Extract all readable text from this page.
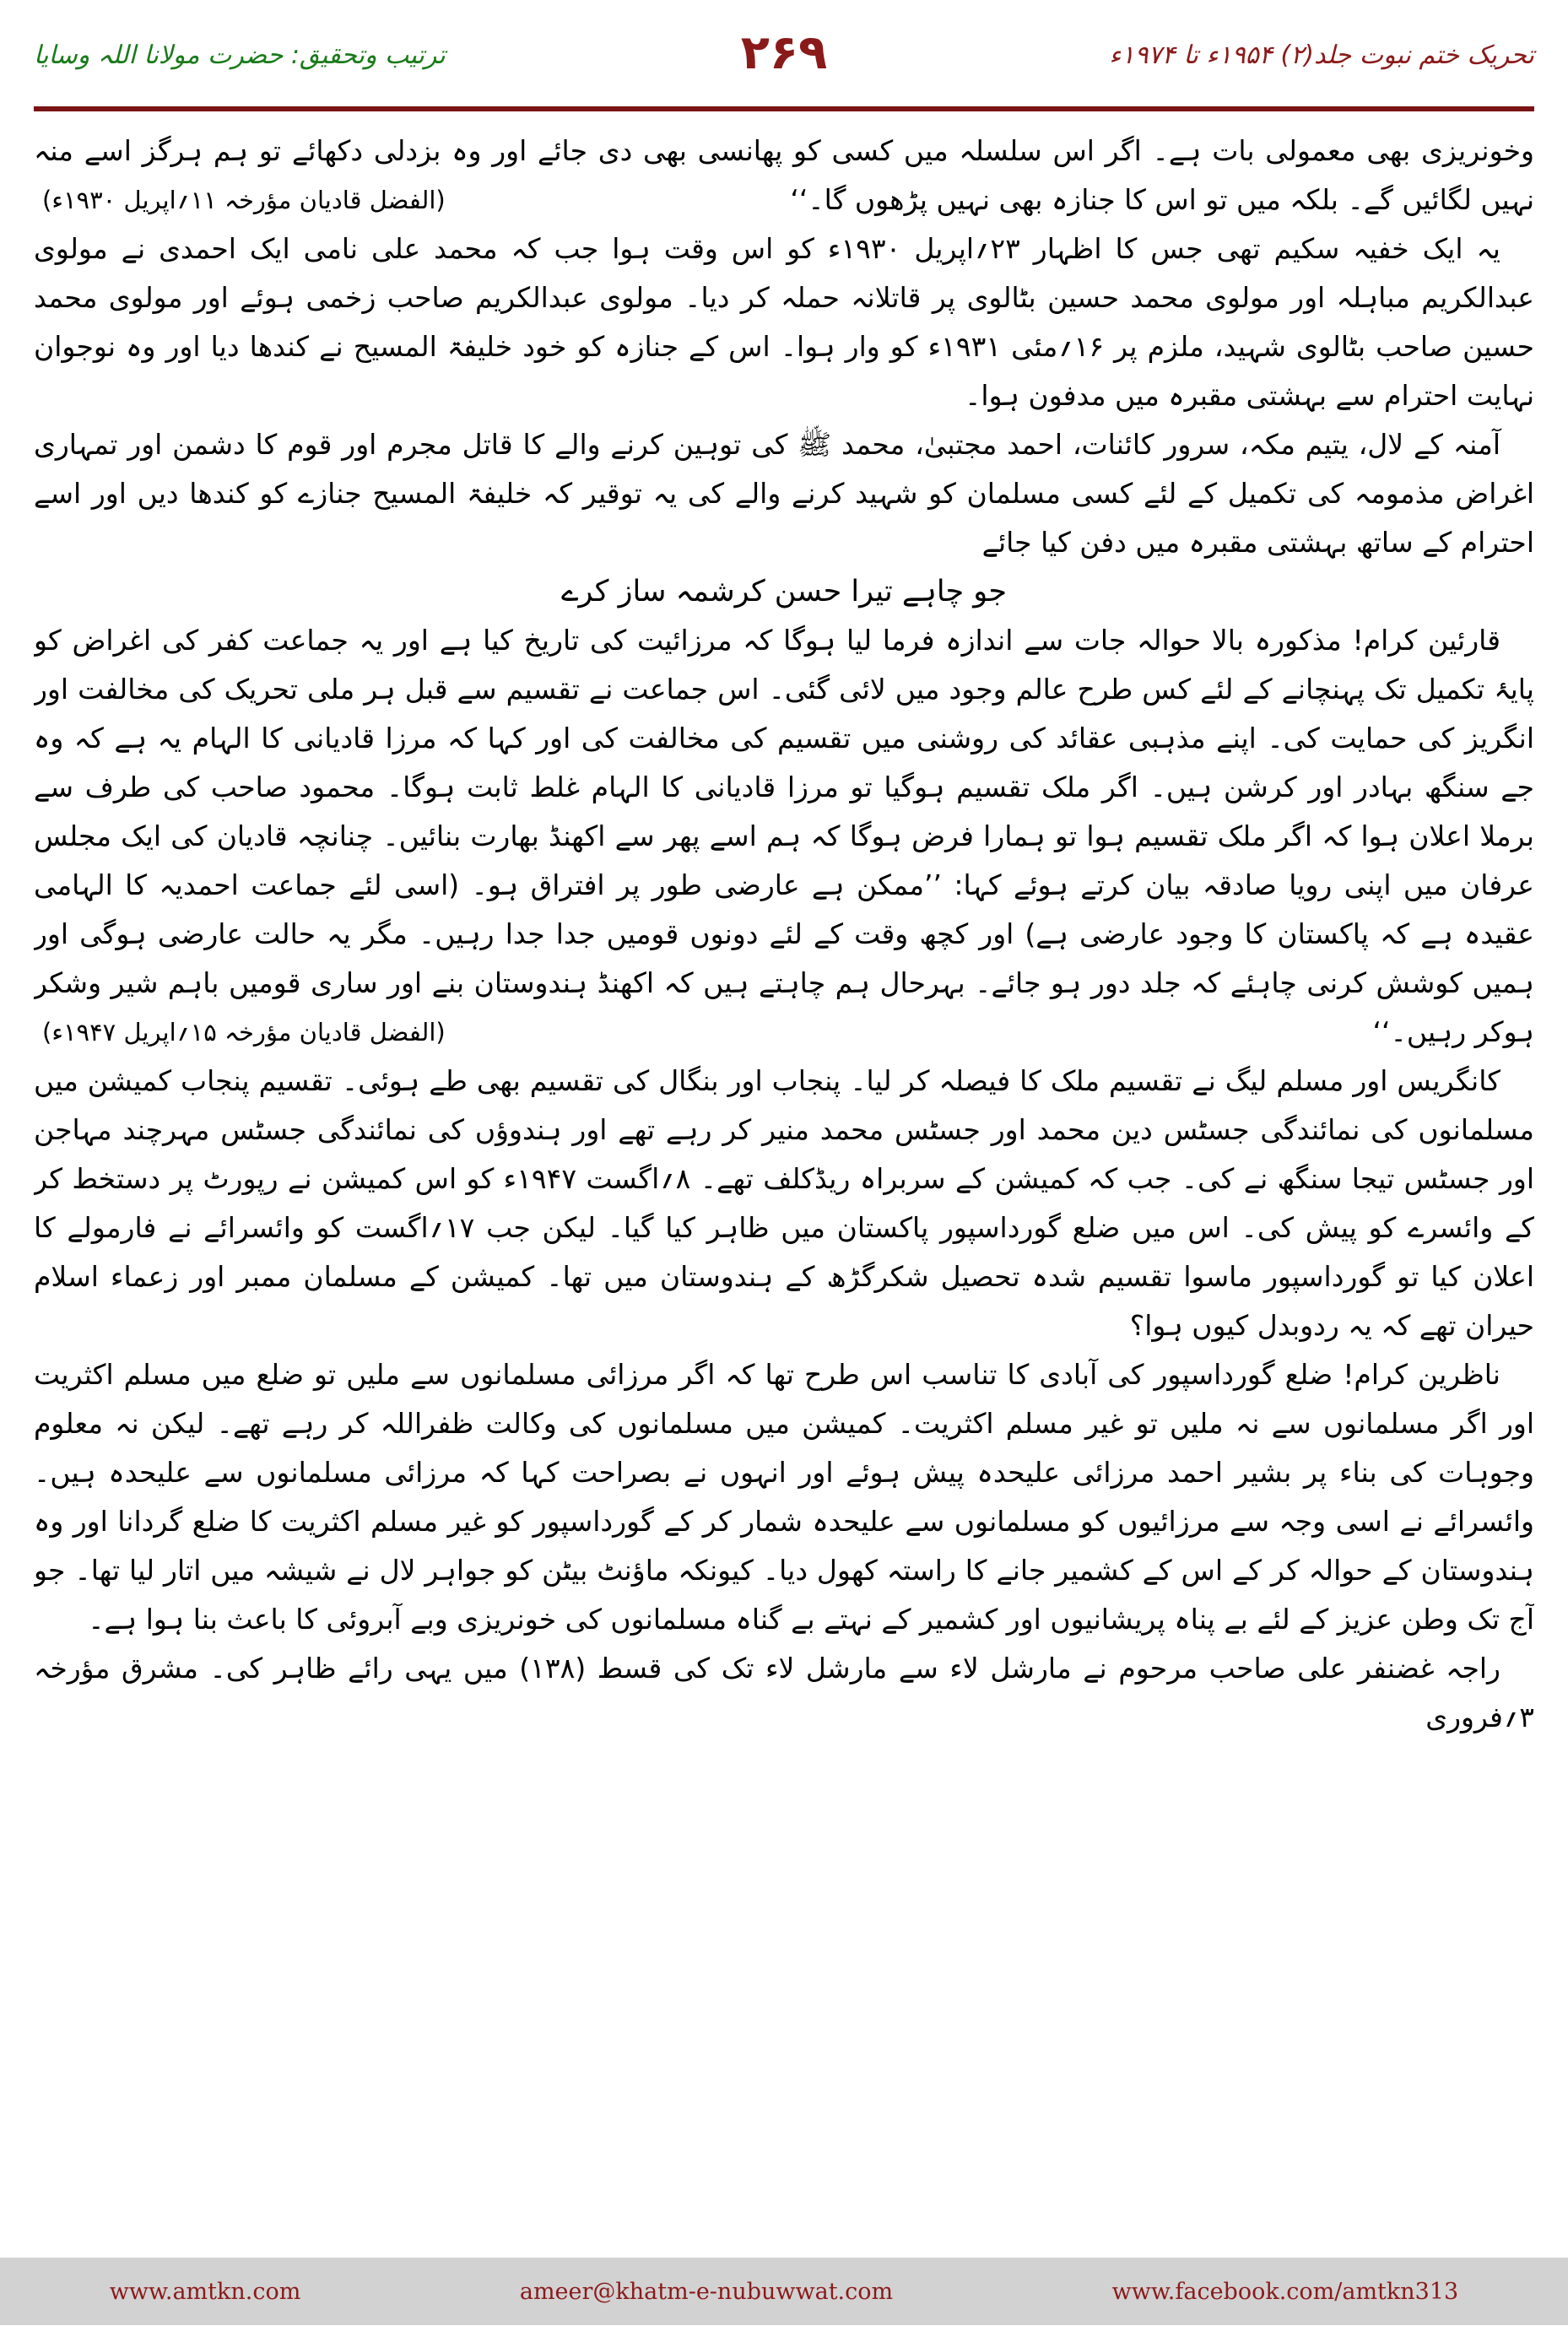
ترتیب وتحقیق: حضرت مولانا اللہ وسایا	۲۶۹	تحریک ختم نبوت جلد(۲) ۱۹۵۴ء تا ۱۹۷۴ء

وخونریزی بھی معمولی بات ہے۔ اگر اس سلسلہ میں کسی کو پھانسی بھی دی جائے اور وہ بزدلی دکھائے تو ہم ہرگز اسے منہ نہیں لگائیں گے۔ بلکہ میں تو اس کا جنازہ بھی نہیں پڑھوں گا۔‘‘
(الفضل قادیان مؤرخہ ۱۱؍اپریل ۱۹۳۰ء)

یہ ایک خفیہ سکیم تھی جس کا اظہار ۲۳؍اپریل ۱۹۳۰ء کو اس وقت ہوا جب کہ محمد علی نامی ایک احمدی نے مولوی عبدالکریم مباہلہ اور مولوی محمد حسین بٹالوی پر قاتلانہ حملہ کر دیا۔ مولوی عبدالکریم صاحب زخمی ہوئے اور مولوی محمد حسین صاحب بٹالوی شہید، ملزم پر ۱۶؍مئی ۱۹۳۱ء کو وار ہوا۔ اس کے جنازہ کو خود خلیفۃ المسیح نے کندھا دیا اور وہ نوجوان نہایت احترام سے بہشتی مقبرہ میں مدفون ہوا۔

آمنہ کے لال، یتیم مکہ، سرور کائنات، احمد مجتبیٰ، محمد ﷺ کی توہین کرنے والے کا قاتل مجرم اور قوم کا دشمن اور تمہاری اغراض مذمومہ کی تکمیل کے لئے کسی مسلمان کو شہید کرنے والے کی یہ توقیر کہ خلیفۃ المسیح جنازے کو کندھا دیں اور اسے احترام کے ساتھ بہشتی مقبرہ میں دفن کیا جائے

جو چاہے تیرا حسن کرشمہ ساز کرے

قارئین کرام! مذکورہ بالا حوالہ جات سے اندازہ فرما لیا ہوگا کہ مرزائیت کی تاریخ کیا ہے اور یہ جماعت کفر کی اغراض کو پایۂ تکمیل تک پہنچانے کے لئے کس طرح عالم وجود میں لائی گئی۔ اس جماعت نے تقسیم سے قبل ہر ملی تحریک کی مخالفت اور انگریز کی حمایت کی۔ اپنے مذہبی عقائد کی روشنی میں تقسیم کی مخالفت کی اور کہا کہ مرزا قادیانی کا الہام یہ ہے کہ وہ جے سنگھ بہادر اور کرشن ہیں۔ اگر ملک تقسیم ہوگیا تو مرزا قادیانی کا الہام غلط ثابت ہوگا۔ محمود صاحب کی طرف سے برملا اعلان ہوا کہ اگر ملک تقسیم ہوا تو ہمارا فرض ہوگا کہ ہم اسے پھر سے اکھنڈ بھارت بنائیں۔ چنانچہ قادیان کی ایک مجلس عرفان میں اپنی رویا صادقہ بیان کرتے ہوئے کہا: ’’ممکن ہے عارضی طور پر افتراق ہو۔ (اسی لئے جماعت احمدیہ کا الہامی عقیدہ ہے کہ پاکستان کا وجود عارضی ہے) اور کچھ وقت کے لئے دونوں قومیں جدا جدا رہیں۔ مگر یہ حالت عارضی ہوگی اور ہمیں کوشش کرنی چاہئے کہ جلد دور ہو جائے۔ بہرحال ہم چاہتے ہیں کہ اکھنڈ ہندوستان بنے اور ساری قومیں باہم شیر وشکر ہوکر رہیں۔‘‘
(الفضل قادیان مؤرخہ ۱۵؍اپریل ۱۹۴۷ء)

کانگریس اور مسلم لیگ نے تقسیم ملک کا فیصلہ کر لیا۔ پنجاب اور بنگال کی تقسیم بھی طے ہوئی۔ تقسیم پنجاب کمیشن میں مسلمانوں کی نمائندگی جسٹس دین محمد اور جسٹس محمد منیر کر رہے تھے اور ہندوؤں کی نمائندگی جسٹس مہرچند مہاجن اور جسٹس تیجا سنگھ نے کی۔ جب کہ کمیشن کے سربراہ ریڈکلف تھے۔ ۸؍اگست ۱۹۴۷ء کو اس کمیشن نے رپورٹ پر دستخط کر کے وائسرے کو پیش کی۔ اس میں ضلع گورداسپور پاکستان میں ظاہر کیا گیا۔ لیکن جب ۱۷؍اگست کو وائسرائے نے فارمولے کا اعلان کیا تو گورداسپور ماسوا تقسیم شدہ تحصیل شکرگڑھ کے ہندوستان میں تھا۔ کمیشن کے مسلمان ممبر اور زعماء اسلام حیران تھے کہ یہ ردوبدل کیوں ہوا؟

ناظرین کرام! ضلع گورداسپور کی آبادی کا تناسب اس طرح تھا کہ اگر مرزائی مسلمانوں سے ملیں تو ضلع میں مسلم اکثریت اور اگر مسلمانوں سے نہ ملیں تو غیر مسلم اکثریت۔ کمیشن میں مسلمانوں کی وکالت ظفراللہ کر رہے تھے۔ لیکن نہ معلوم وجوہات کی بناء پر بشیر احمد مرزائی علیحدہ پیش ہوئے اور انہوں نے بصراحت کہا کہ مرزائی مسلمانوں سے علیحدہ ہیں۔ وائسرائے نے اسی وجہ سے مرزائیوں کو مسلمانوں سے علیحدہ شمار کر کے گورداسپور کو غیر مسلم اکثریت کا ضلع گردانا اور وہ ہندوستان کے حوالہ کر کے اس کے کشمیر جانے کا راستہ کھول دیا۔ کیونکہ ماؤنٹ بیٹن کو جواہر لال نے شیشہ میں اتار لیا تھا۔ جو آج تک وطن عزیز کے لئے بے پناہ پریشانیوں اور کشمیر کے نہتے بے گناہ مسلمانوں کی خونریزی وبے آبروئی کا باعث بنا ہوا ہے۔

راجہ غضنفر علی صاحب مرحوم نے مارشل لاء سے مارشل لاء تک کی قسط (۱۳۸) میں یہی رائے ظاہر کی۔ مشرق مؤرخہ ۳؍فروری

www.amtkn.com	ameer@khatm-e-nubuwwat.com	www.facebook.com/amtkn313
